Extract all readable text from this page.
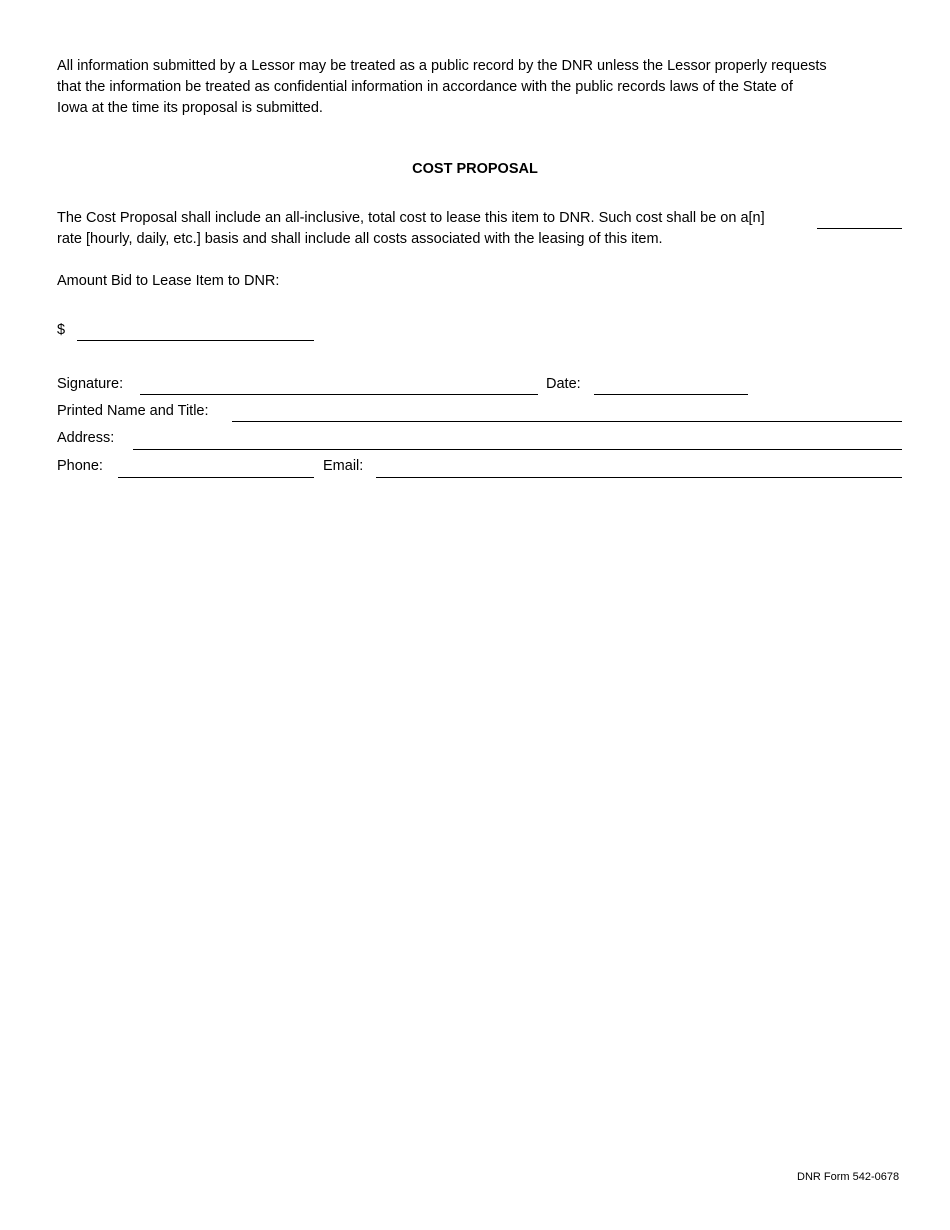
All information submitted by a Lessor may be treated as a public record by the DNR unless the Lessor properly requests
that the information be treated as confidential information in accordance with the public records laws of the State of
Iowa at the time its proposal is submitted.
COST PROPOSAL
The Cost Proposal shall include an all-inclusive, total cost to lease this item to DNR. Such cost shall be on a[n]
rate [hourly, daily, etc.] basis and shall include all costs associated with the leasing of this item.
Amount Bid to Lease Item to DNR:
$
Signature:	Date:
Printed Name and Title:
Address:
Phone:	Email:
DNR Form 542-0678
